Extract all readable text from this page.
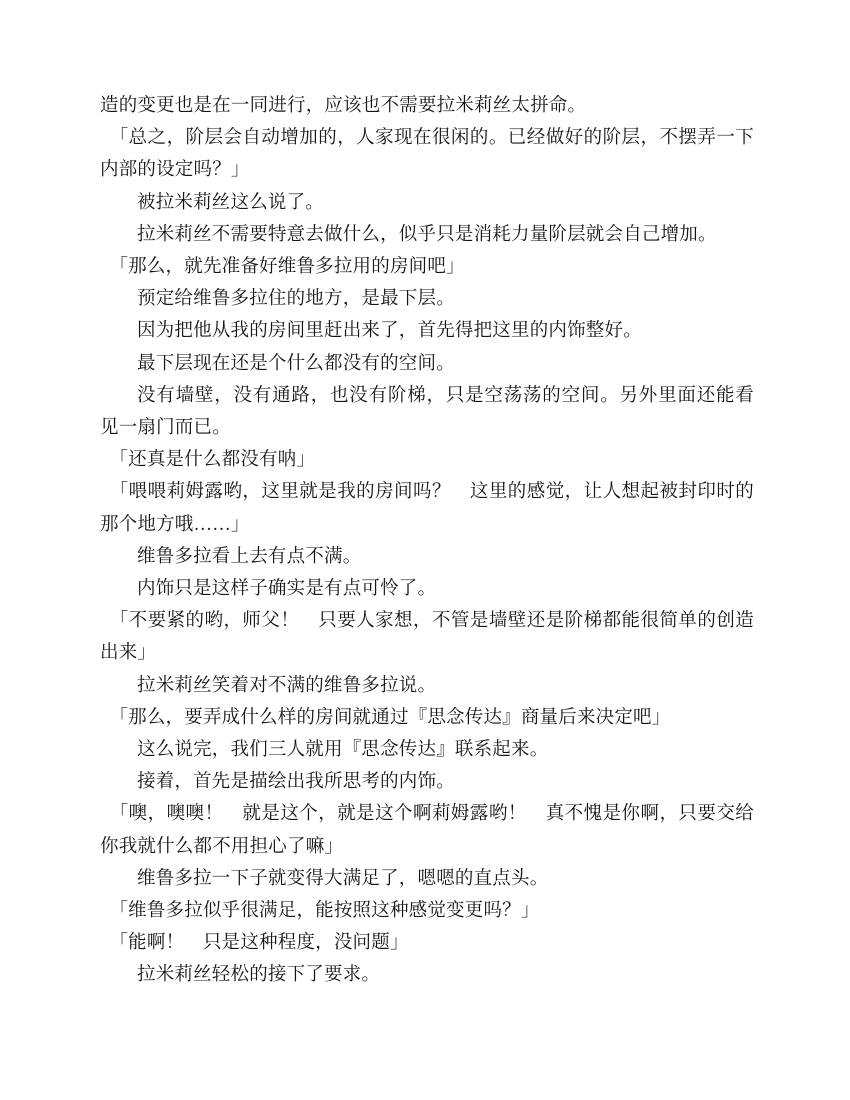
造的变更也是在一同进行，应该也不需要拉米莉丝太拼命。

　「总之，阶层会自动增加的，人家现在很闲的。已经做好的阶层，不摆弄一下内部的设定吗？」

被拉米莉丝这么说了。

拉米莉丝不需要特意去做什么，似乎只是消耗力量阶层就会自己增加。

　「那么，就先准备好维鲁多拉用的房间吧」

预定给维鲁多拉住的地方，是最下层。

因为把他从我的房间里赶出来了，首先得把这里的内饰整好。

最下层现在还是个什么都没有的空间。

没有墙壁，没有通路，也没有阶梯，只是空荡荡的空间。另外里面还能看见一扇门而已。

　「还真是什么都没有呐」

　「喂喂莉姆露哟，这里就是我的房间吗？　这里的感觉，让人想起被封印时的那个地方哦……」

维鲁多拉看上去有点不满。

内饰只是这样子确实是有点可怜了。

　「不要紧的哟，师父！　只要人家想，不管是墙壁还是阶梯都能很简单的创造出来」

拉米莉丝笑着对不满的维鲁多拉说。

　「那么，要弄成什么样的房间就通过『思念传达』商量后来决定吧」

这么说完，我们三人就用『思念传达』联系起来。

接着，首先是描绘出我所思考的内饰。

　「噢，噢噢！　就是这个，就是这个啊莉姆露哟！　真不愧是你啊，只要交给你我就什么都不用担心了嘛」

维鲁多拉一下子就变得大满足了，嗯嗯的直点头。

　「维鲁多拉似乎很满足，能按照这种感觉变更吗？」

　「能啊！　只是这种程度，没问题」

拉米莉丝轻松的接下了要求。
